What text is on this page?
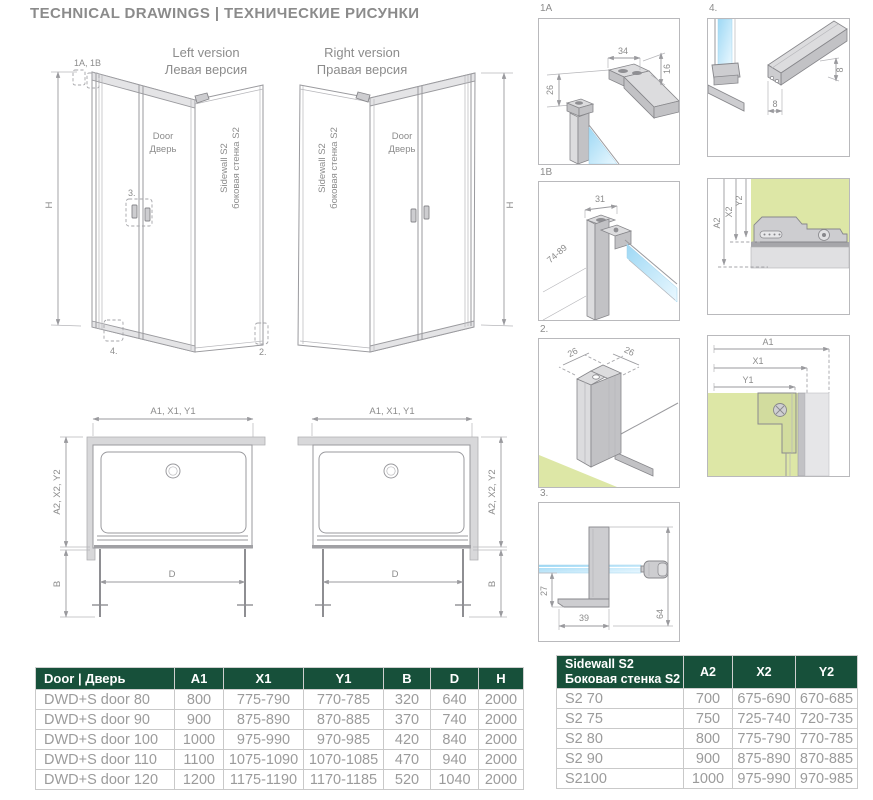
TECHNICAL DRAWINGS | ТЕХНИЧЕСКИЕ РИСУНКИ
Left version
Левая версия
Right version
Правая версия
H
1A, 1B
3.
4.	2.
Door
Дверь	Sidewall S2 боковая стенка S2	H
Door
Дверь
Sidewall S2 боковая стенка S2
A1, X1, Y1
D
A2, X2, Y2
B
A1, X1, Y1
D
A2, X2, Y2
B
1A
34
16
26
4.
8
8
1B
31
74-89
A2
X2
Y2
2.
26	26
A1
X1
Y1
3.
27
39	64
Door | Дверь	A1	X1	Y1	B	D	H
DWD+S door 80	800	775-790	770-785	320	640	2000
DWD+S door 90	900	875-890	870-885	370	740	2000
DWD+S door 100	1000	975-990	970-985	420	840	2000
DWD+S door 110	1100	1075-1090	1070-1085	470	940	2000
DWD+S door 120	1200	1175-1190	1170-1185	520	1040	2000
Sidewall S2
Боковая стенка S2	A2	X2	Y2
S2 70	700	675-690	670-685
S2 75	750	725-740	720-735
S2 80	800	775-790	770-785
S2 90	900	875-890	870-885
S2100	1000	975-990	970-985
